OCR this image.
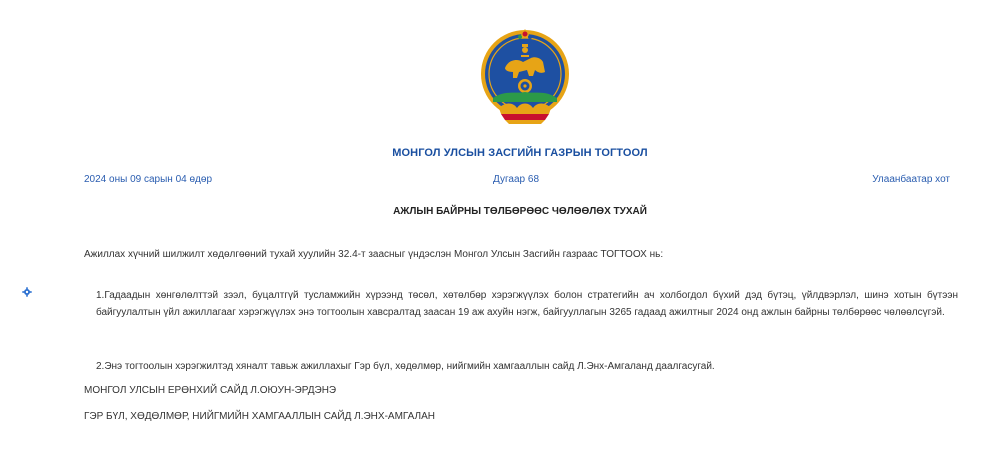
МОНГОЛ УЛСЫН ЗАСГИЙН ГАЗРЫН ТОГТООЛ
2024 оны 09 сарын 04 өдөр	Дугаар 68	Улаанбаатар хот
АЖЛЫН БАЙРНЫ ТӨЛБӨРӨӨС ЧӨЛӨӨЛӨХ ТУХАЙ
Ажиллах хүчний шилжилт хөдөлгөөний тухай хуулийн 32.4-т заасныг үндэслэн Монгол Улсын Засгийн газраас ТОГТООХ нь:
1.Гадаадын хөнгөлөлттэй зээл, буцалтгүй тусламжийн хүрээнд төсөл, хөтөлбөр хэрэгжүүлэх болон стратегийн ач холбогдол бүхий дэд бүтэц, үйлдвэрлэл, шинэ хотын бүтээн байгуулалтын үйл ажиллагааг хэрэгжүүлэх энэ тогтоолын хавсралтад заасан 19 аж ахуйн нэгж, байгууллагын 3265 гадаад ажилтныг 2024 онд ажлын байрны төлбөрөөс чөлөөлсүгэй.
2.Энэ тогтоолын хэрэгжилтэд хяналт тавьж ажиллахыг Гэр бүл, хөдөлмөр, нийгмийн хамгааллын сайд Л.Энх-Амгаланд даалгасугай.
МОНГОЛ УЛСЫН ЕРӨНХИЙ САЙД Л.ОЮУН-ЭРДЭНЭ
ГЭР БҮЛ, ХӨДӨЛМӨР, НИЙГМИЙН ХАМГААЛЛЫН САЙД Л.ЭНХ-АМГАЛАН
